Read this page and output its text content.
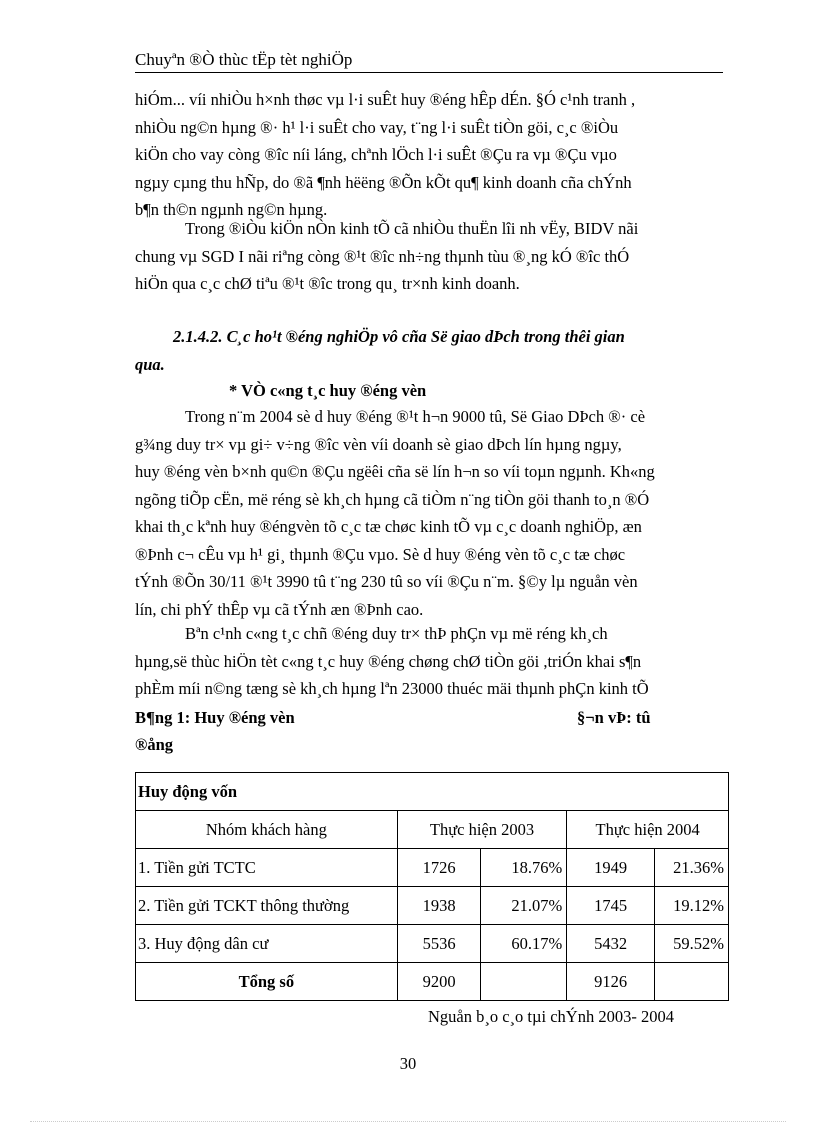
Chuyªn ®Ò thùc tËp tèt nghiÖp
hiÓm... víi nhiÒu h×nh thøc vµ l·i suÊt huy ®éng hÊp dÉn. §Ó c¹nh tranh ,
nhiÒu ng©n hµng ®· h¹ l·i suÊt cho vay, t¨ng l·i suÊt tiÒn göi, c¸c ®iÒu
kiÖn cho vay còng ®îc níi láng, chªnh lÖch l·i suÊt ®Çu ra vµ ®Çu vµo
ngµy cµng thu hÑp, do ®ã ¶nh hëëng ®Õn kÕt qu¶ kinh doanh cña chÝnh
b¶n th©n ngµnh ng©n hµng.
Trong ®iÒu kiÖn nÒn kinh tÕ cã nhiÒu thuËn lîi nh vËy, BIDV nãi
chung vµ SGD I nãi riªng còng ®¹t ®îc nh÷ng thµnh tùu ®¸ng kÓ ®îc thÓ
hiÖn qua c¸c chØ tiªu ®¹t ®îc trong qu¸ tr×nh kinh doanh.
2.1.4.2. C¸c ho¹t ®éng nghiÖp vô cña Së giao dÞch trong thêi gian
qua.
* VÒ c«ng t¸c huy ®éng vèn
Trong n¨m 2004 sè d huy ®éng ®¹t h¬n 9000 tû, Së Giao DÞch ®· cè
g¾ng duy tr× vµ gi÷ v÷ng ®îc vèn víi doanh sè giao dÞch lín hµng ngµy,
huy ®éng vèn b×nh qu©n ®Çu ngëêi cña së lín h¬n so víi toµn ngµnh. Kh«ng
ngõng tiÕp cËn, më réng sè kh¸ch hµng cã tiÒm n¨ng tiÒn göi thanh to¸n ®Ó
khai th¸c kªnh huy ®éngvèn tõ c¸c tæ chøc kinh tÕ vµ c¸c doanh nghiÖp, æn
®Þnh c¬ cÊu vµ h¹ gi¸ thµnh ®Çu vµo. Sè d huy ®éng vèn tõ c¸c tæ chøc
tÝnh ®Õn 30/11 ®¹t 3990 tû t¨ng 230 tû so víi ®Çu n¨m. §©y lµ nguån vèn
lín, chi phÝ thÊp vµ cã tÝnh æn ®Þnh cao.
Bªn c¹nh c«ng t¸c chñ ®éng duy tr× thÞ phÇn vµ më réng kh¸ch
hµng,së thùc hiÖn tèt c«ng t¸c huy ®éng chøng chØ tiÒn göi ,triÓn khai s¶n
phÈm míi n©ng tæng sè kh¸ch hµng lªn 23000 thuéc mäi thµnh phÇn kinh tÕ
B¶ng 1: Huy ®éng vèn
®ång
§¬n vÞ: tû
Huy động vốn				
Nhóm khách hàng	Thực hiện 2003		Thực hiện 2004	
1. Tiền gửi TCTC	1726	18.76%	1949	21.36%
2. Tiền gửi TCKT thông thường	1938	21.07%	1745	19.12%
3. Huy động dân cư	5536	60.17%	5432	59.52%
Tổng số	9200		9126	
Nguån b¸o c¸o tµi chÝnh 2003- 2004
30
